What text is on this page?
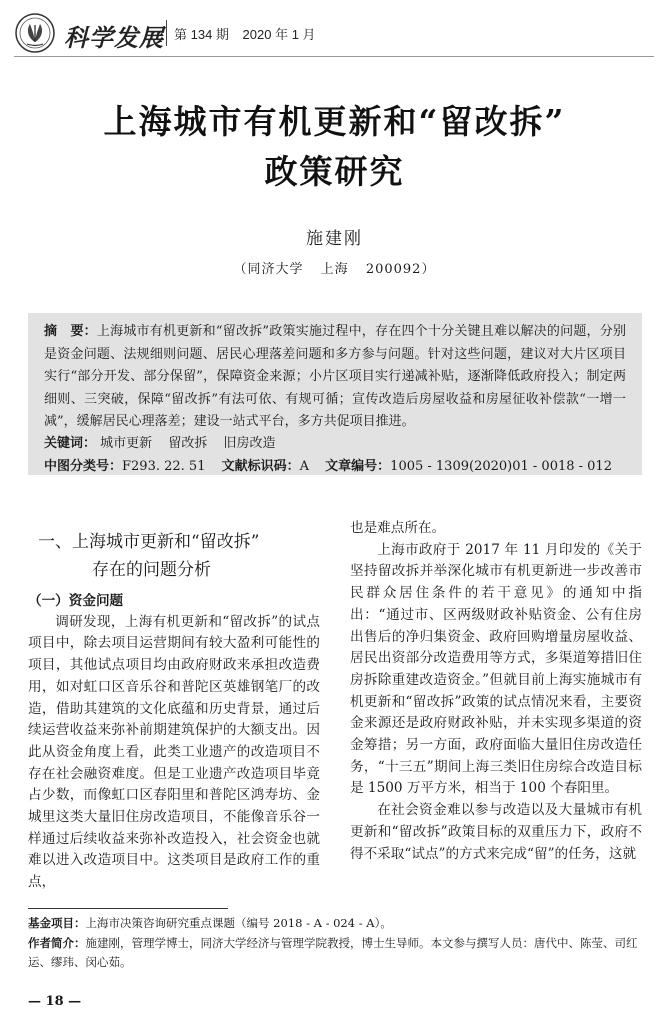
科学发展 第 134 期 2020 年 1 月
上海城市有机更新和“留改拆”
政策研究
施建刚
（同济大学 上海 200092）
摘　要：上海城市有机更新和“留改拆”政策实施过程中，存在四个十分关键且难以解决的问题，分别是资金问题、法规细则问题、居民心理落差问题和多方参与问题。针对这些问题，建议对大片区项目实行“部分开发、部分保留”，保障资金来源；小片区项目实行递减补贴，逐渐降低政府投入；制定两细则、三突破，保障“留改拆”有法可依、有规可循；宣传改造后房屋收益和房屋征收补偿款“一增一减”，缓解居民心理落差；建设一站式平台，多方共促项目推进。
关键词： 城市更新 留改拆 旧房改造
中图分类号：F293. 22. 51 文献标识码：A 文章编号：1005 - 1309(2020)01 - 0018 - 012
一、上海城市更新和“留改拆”
存在的问题分析
（一）资金问题

调研发现，上海有机更新和“留改拆”的试点项目中，除去项目运营期间有较大盈利可能性的项目，其他试点项目均由政府财政来承担改造费用，如对虹口区音乐谷和普陀区英雄钢笔厂的改造，借助其建筑的文化底蕴和历史背景，通过后续运营收益来弥补前期建筑保护的大额支出。因此从资金角度上看，此类工业遗产的改造项目不存在社会融资难度。但是工业遗产改造项目毕竟占少数，而像虹口区春阳里和普陀区鸿寿坊、金城里这类大量旧住房改造项目，不能像音乐谷一样通过后续收益来弥补改造投入，社会资金也就难以进入改造项目中。这类项目是政府工作的重点，

也是难点所在。

上海市政府于 2017 年 11 月印发的《关于坚持留改拆并举深化城市有机更新进一步改善市民群众居住条件的若干意见》的通知中指出：“通过市、区两级财政补贴资金、公有住房出售后的净归集资金、政府回购增量房屋收益、居民出资部分改造费用等方式，多渠道筹措旧住房拆除重建改造资金。”但就目前上海实施城市有机更新和“留改拆”政策的试点情况来看，主要资金来源还是政府财政补贴，并未实现多渠道的资金筹措；另一方面，政府面临大量旧住房改造任务，“十三五”期间上海三类旧住房综合改造目标是 1500 万平方米，相当于 100 个春阳里。

在社会资金难以参与改造以及大量城市有机更新和“留改拆”政策目标的双重压力下，政府不得不采取“试点”的方式来完成“留”的任务，这就

基金项目：上海市决策咨询研究重点课题（编号 2018 - A - 024 - A）。
作者简介：施建刚，管理学博士，同济大学经济与管理学院教授，博士生导师。本文参与撰写人员：唐代中、陈莹、司红运、缪玮、闵心茹。
— 18 —
